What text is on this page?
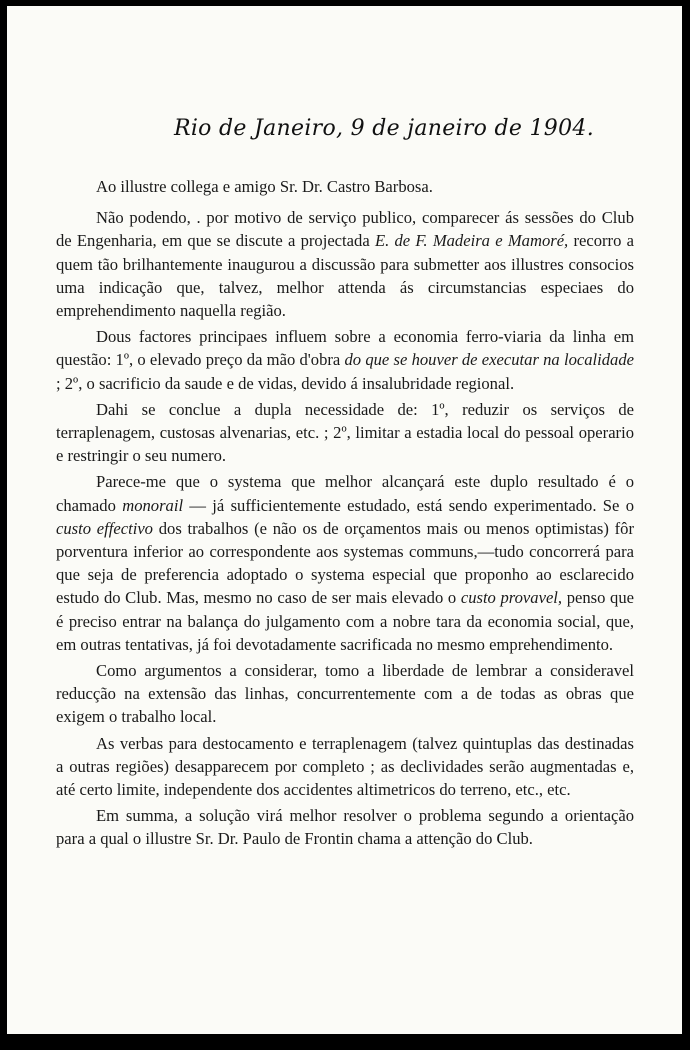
Rio de Janeiro, 9 de janeiro de 1904.

Ao illustre collega e amigo Sr. Dr. Castro Barbosa.

Não podendo, . por motivo de serviço publico, comparecer ás sessões do Club de Engenharia, em que se discute a projectada E. de F. Madeira e Mamoré, recorro a quem tão brilhantemente inaugurou a discussão para submetter aos illustres consocios uma indicação que, talvez, melhor attenda ás circumstancias especiaes do emprehendimento naquella região.

Dous factores principaes influem sobre a economia ferro-viaria da linha em questão: 1º, o elevado preço da mão d'obra do que se houver de executar na localidade ; 2º, o sacrificio da saude e de vidas, devido á insalubridade regional.

Dahi se conclue a dupla necessidade de: 1º, reduzir os serviços de terraplenagem, custosas alvenarias, etc. ; 2º, limitar a estadia local do pessoal operario e restringir o seu numero.

Parece-me que o systema que melhor alcançará este duplo resultado é o chamado monorail — já sufficientemente estudado, está sendo experimentado. Se o custo effectivo dos trabalhos (e não os de orçamentos mais ou menos optimistas) fôr porventura inferior ao correspondente aos systemas communs,—tudo concorrerá para que seja de preferencia adoptado o systema especial que proponho ao esclarecido estudo do Club. Mas, mesmo no caso de ser mais elevado o custo provavel, penso que é preciso entrar na balança do julgamento com a nobre tara da economia social, que, em outras tentativas, já foi devotadamente sacrificada no mesmo emprehendimento.

Como argumentos a considerar, tomo a liberdade de lembrar a consideravel reducção na extensão das linhas, concurrentemente com a de todas as obras que exigem o trabalho local.

As verbas para destocamento e terraplenagem (talvez quintuplas das destinadas a outras regiões) desapparecem por completo ; as declividades serão augmentadas e, até certo limite, independente dos accidentes altimetricos do terreno, etc., etc.

Em summa, a solução virá melhor resolver o problema segundo a orientação para a qual o illustre Sr. Dr. Paulo de Frontin chama a attenção do Club.
